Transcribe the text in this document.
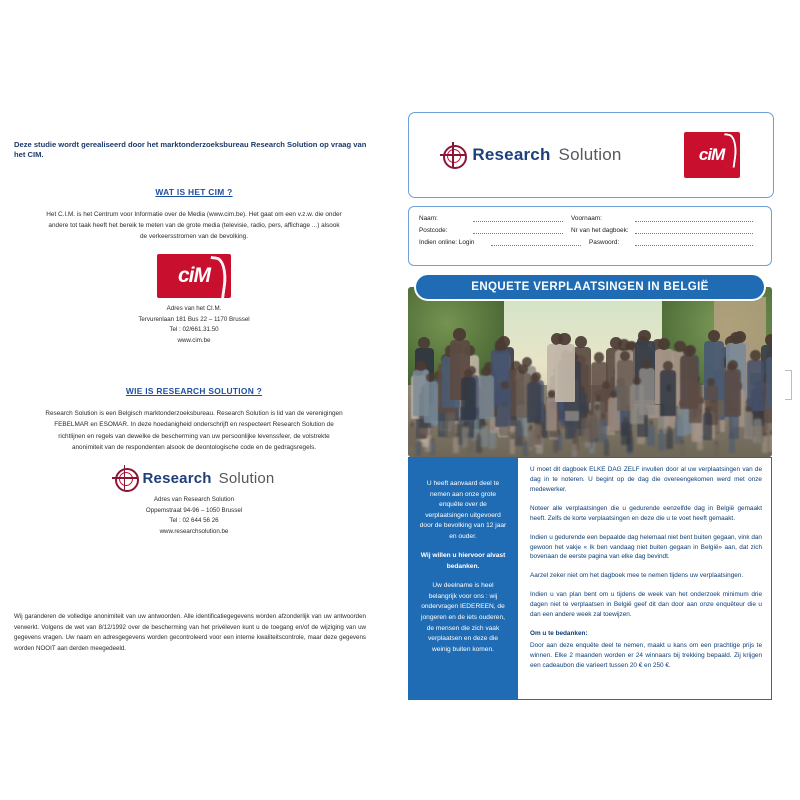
Deze studie wordt gerealiseerd door het marktonderzoeksbureau Research Solution op vraag van het CIM.

WAT IS HET CIM ?
Het C.I.M. is het Centrum voor Informatie over de Media (www.cim.be). Het gaat om een v.z.w. die onder andere tot taak heeft het bereik te meten van de grote media (televisie, radio, pers, affichage ...) alsook de verkeersstromen van de bevolking.
ciM
Adres van het CI.M.
Tervurenlaan 181 Bus 22 – 1170 Brussel
Tel : 02/661.31.50
www.cim.be
WIE IS RESEARCH SOLUTION ?
Research Solution is een Belgisch marktonderzoeksbureau. Research Solution is lid van de verenigingen FEBELMAR en ESOMAR. In deze hoedanigheid onderschrijft en respecteert Research Solution de richtlijnen en regels van dewelke de bescherming van uw persoonlijke levenssfeer, de volstrekte anonimiteit van de respondenten alsook de deontologische code en de gedragsregels.
Research Solution
Adres van Research Solution
Oppemstraat 94-96 – 1050 Brussel
Tel : 02 644 56 26
www.researchsolution.be
Wij garanderen de volledige anonimiteit van uw antwoorden. Alle identificatiegegevens worden afzonderlijk van uw antwoorden verwerkt. Volgens de wet van 8/12/1992 over de bescherming van het privéleven kunt u de toegang en/of de wijziging van uw gegevens vragen. Uw naam en adresgegevens worden gecontroleerd voor een interne kwaliteitscontrole, maar deze gegevens worden NOOIT aan derden meegedeeld.
Research Solution	ciM
Naam:	Voornaam:
Postcode:	Nr van het dagboek:
Indien online: Login	Paswoord:
ENQUETE VERPLAATSINGEN IN BELGIË

U heeft aanvaard deel te nemen aan onze grote enquête over de verplaatsingen uitgevoerd door de bevolking van 12 jaar en ouder.

Wij willen u hiervoor alvast bedanken.

Uw deelname is heel belangrijk voor ons : wij ondervragen IEDEREEN, de jongeren en de iets ouderen, de mensen die zich vaak verplaatsen en deze die weinig buiten komen.

U moet dit dagboek ELKE DAG ZELF invullen door al uw verplaatsingen van de dag in te noteren. U begint op de dag die overeengekomen werd met onze medewerker.

Noteer alle verplaatsingen die u gedurende eenzelfde dag in België gemaakt heeft. Zelfs de korte verplaatsingen en deze die u te voet heeft gemaakt.

Indien u gedurende een bepaalde dag helemaal niet bent buiten gegaan, vink dan gewoon het vakje « Ik ben vandaag niet buiten gegaan in België» aan, dat zich bovenaan de eerste pagina van elke dag bevindt.

Aarzel zeker niet om het dagboek mee te nemen tijdens uw verplaatsingen.

Indien u van plan bent om u tijdens de week van het onderzoek minimum drie dagen niet te verplaatsen in België geef dit dan door aan onze enquêteur die u dan een andere week zal toewijzen.

Om u te bedanken:

Door aan deze enquête deel te nemen, maakt u kans om een prachtige prijs te winnen. Elke 2 maanden worden er 24 winnaars bij trekking bepaald. Zij krijgen een cadeaubon die varieert tussen 20 € en 250 €.
